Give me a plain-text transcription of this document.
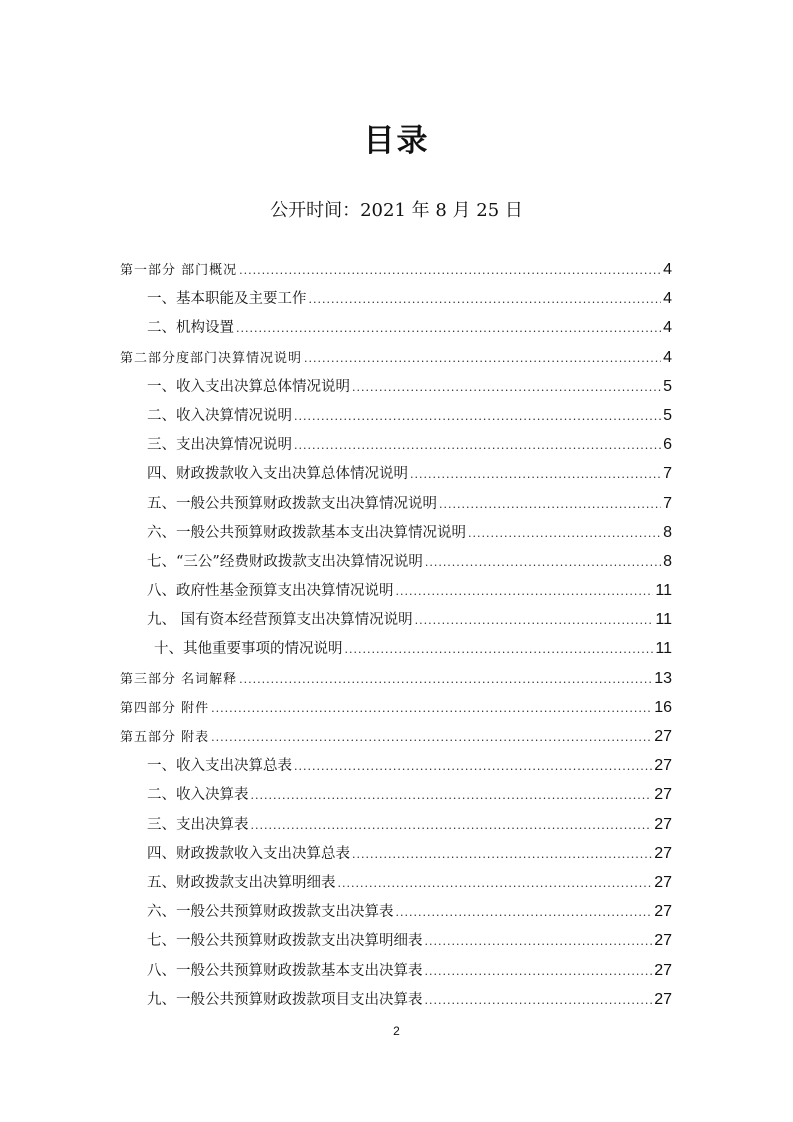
目录
公开时间：2021 年 8 月 25 日
第一部分 部门概况 .....	4
一、基本职能及主要工作 .....	4
二、机构设置 .....	4
第二部分度部门决算情况说明 .....	4
一、收入支出决算总体情况说明 .....	5
二、收入决算情况说明 .....	5
三、支出决算情况说明 .....	6
四、财政拨款收入支出决算总体情况说明 .....	7
五、一般公共预算财政拨款支出决算情况说明 .....	7
六、一般公共预算财政拨款基本支出决算情况说明 .....	8
七、“三公”经费财政拨款支出决算情况说明 .....	8
八、政府性基金预算支出决算情况说明 .....	11
九、 国有资本经营预算支出决算情况说明 .....	11
十、其他重要事项的情况说明 .....	11
第三部分 名词解释 .....	13
第四部分 附件 .....	16
第五部分 附表 .....	27
一、收入支出决算总表 .....	27
二、收入决算表 .....	27
三、支出决算表 .....	27
四、财政拨款收入支出决算总表 .....	27
五、财政拨款支出决算明细表 .....	27
六、一般公共预算财政拨款支出决算表 .....	27
七、一般公共预算财政拨款支出决算明细表 .....	27
八、一般公共预算财政拨款基本支出决算表 .....	27
九、一般公共预算财政拨款项目支出决算表 .....	27
2
